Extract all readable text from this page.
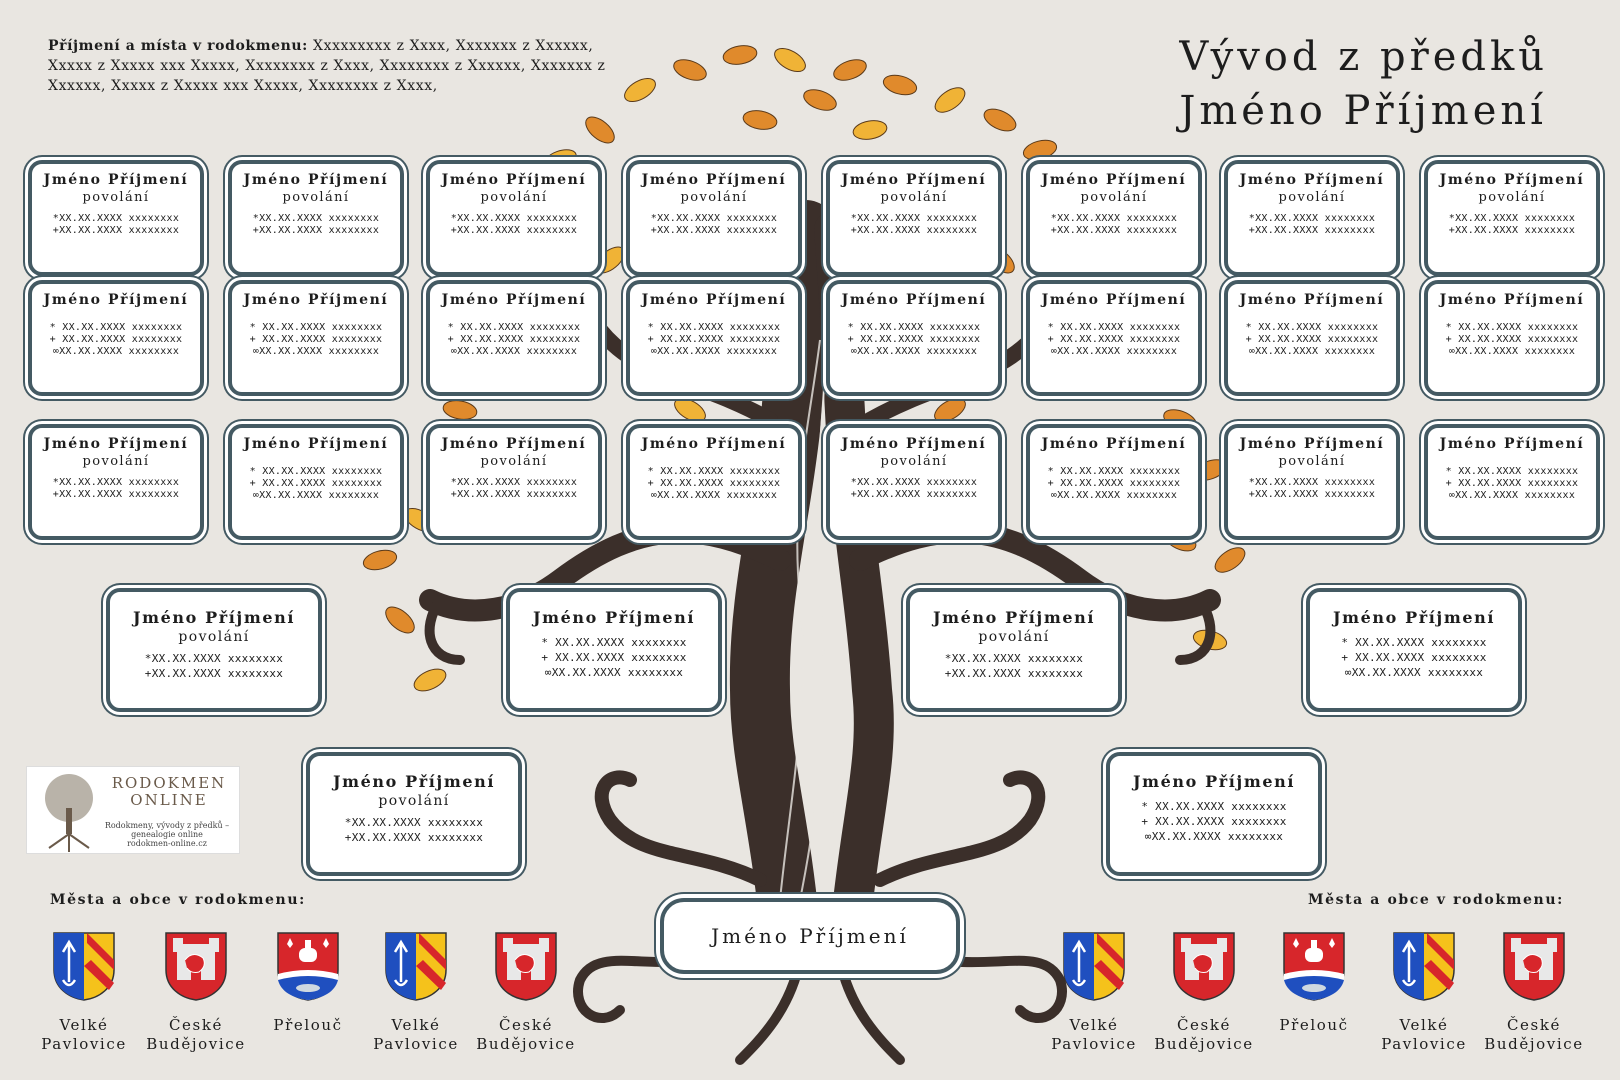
Příjmení a místa v rodokmenu: Xxxxxxxxx z Xxxx, Xxxxxxx z Xxxxxx, Xxxxx z Xxxxx xxx Xxxxx, Xxxxxxxx z Xxxx, Xxxxxxxx z Xxxxxx, Xxxxxxx z Xxxxxx, Xxxxx z Xxxxx xxx Xxxxx, Xxxxxxxx z Xxxx,
Vývod z předků
Jméno Příjmení
Jméno Příjmení
povolání
*XX.XX.XXXX xxxxxxxx
+XX.XX.XXXX xxxxxxxx
Jméno Příjmení
povolání
*XX.XX.XXXX xxxxxxxx
+XX.XX.XXXX xxxxxxxx
Jméno Příjmení
povolání
*XX.XX.XXXX xxxxxxxx
+XX.XX.XXXX xxxxxxxx
Jméno Příjmení
povolání
*XX.XX.XXXX xxxxxxxx
+XX.XX.XXXX xxxxxxxx
Jméno Příjmení
povolání
*XX.XX.XXXX xxxxxxxx
+XX.XX.XXXX xxxxxxxx
Jméno Příjmení
povolání
*XX.XX.XXXX xxxxxxxx
+XX.XX.XXXX xxxxxxxx
Jméno Příjmení
povolání
*XX.XX.XXXX xxxxxxxx
+XX.XX.XXXX xxxxxxxx
Jméno Příjmení
povolání
*XX.XX.XXXX xxxxxxxx
+XX.XX.XXXX xxxxxxxx
Jméno Příjmení
* XX.XX.XXXX xxxxxxxx
+ XX.XX.XXXX xxxxxxxx
∞XX.XX.XXXX xxxxxxxx
Jméno Příjmení
* XX.XX.XXXX xxxxxxxx
+ XX.XX.XXXX xxxxxxxx
∞XX.XX.XXXX xxxxxxxx
Jméno Příjmení
* XX.XX.XXXX xxxxxxxx
+ XX.XX.XXXX xxxxxxxx
∞XX.XX.XXXX xxxxxxxx
Jméno Příjmení
* XX.XX.XXXX xxxxxxxx
+ XX.XX.XXXX xxxxxxxx
∞XX.XX.XXXX xxxxxxxx
Jméno Příjmení
* XX.XX.XXXX xxxxxxxx
+ XX.XX.XXXX xxxxxxxx
∞XX.XX.XXXX xxxxxxxx
Jméno Příjmení
* XX.XX.XXXX xxxxxxxx
+ XX.XX.XXXX xxxxxxxx
∞XX.XX.XXXX xxxxxxxx
Jméno Příjmení
* XX.XX.XXXX xxxxxxxx
+ XX.XX.XXXX xxxxxxxx
∞XX.XX.XXXX xxxxxxxx
Jméno Příjmení
* XX.XX.XXXX xxxxxxxx
+ XX.XX.XXXX xxxxxxxx
∞XX.XX.XXXX xxxxxxxx
Jméno Příjmení
povolání
*XX.XX.XXXX xxxxxxxx
+XX.XX.XXXX xxxxxxxx
Jméno Příjmení
* XX.XX.XXXX xxxxxxxx
+ XX.XX.XXXX xxxxxxxx
∞XX.XX.XXXX xxxxxxxx
Jméno Příjmení
povolání
*XX.XX.XXXX xxxxxxxx
+XX.XX.XXXX xxxxxxxx
Jméno Příjmení
* XX.XX.XXXX xxxxxxxx
+ XX.XX.XXXX xxxxxxxx
∞XX.XX.XXXX xxxxxxxx
Jméno Příjmení
povolání
*XX.XX.XXXX xxxxxxxx
+XX.XX.XXXX xxxxxxxx
Jméno Příjmení
* XX.XX.XXXX xxxxxxxx
+ XX.XX.XXXX xxxxxxxx
∞XX.XX.XXXX xxxxxxxx
Jméno Příjmení
povolání
*XX.XX.XXXX xxxxxxxx
+XX.XX.XXXX xxxxxxxx
Jméno Příjmení
* XX.XX.XXXX xxxxxxxx
+ XX.XX.XXXX xxxxxxxx
∞XX.XX.XXXX xxxxxxxx
Jméno Příjmení
povolání
*XX.XX.XXXX xxxxxxxx
+XX.XX.XXXX xxxxxxxx
Jméno Příjmení
* XX.XX.XXXX xxxxxxxx
+ XX.XX.XXXX xxxxxxxx
∞XX.XX.XXXX xxxxxxxx
Jméno Příjmení
povolání
*XX.XX.XXXX xxxxxxxx
+XX.XX.XXXX xxxxxxxx
Jméno Příjmení
* XX.XX.XXXX xxxxxxxx
+ XX.XX.XXXX xxxxxxxx
∞XX.XX.XXXX xxxxxxxx
Jméno Příjmení
povolání
*XX.XX.XXXX xxxxxxxx
+XX.XX.XXXX xxxxxxxx
Jméno Příjmení
* XX.XX.XXXX xxxxxxxx
+ XX.XX.XXXX xxxxxxxx
∞XX.XX.XXXX xxxxxxxx
Jméno Příjmení
RODOKMEN ONLINE
Rodokmeny, vývody z předků – genealogie online
rodokmen-online.cz
Města a obce v rodokmenu:	Města a obce v rodokmenu:
Velké Pavlovice
České Budějovice
Přelouč	Velké Pavlovice
České Budějovice
Velké Pavlovice
České Budějovice
Přelouč	Velké Pavlovice
České Budějovice
